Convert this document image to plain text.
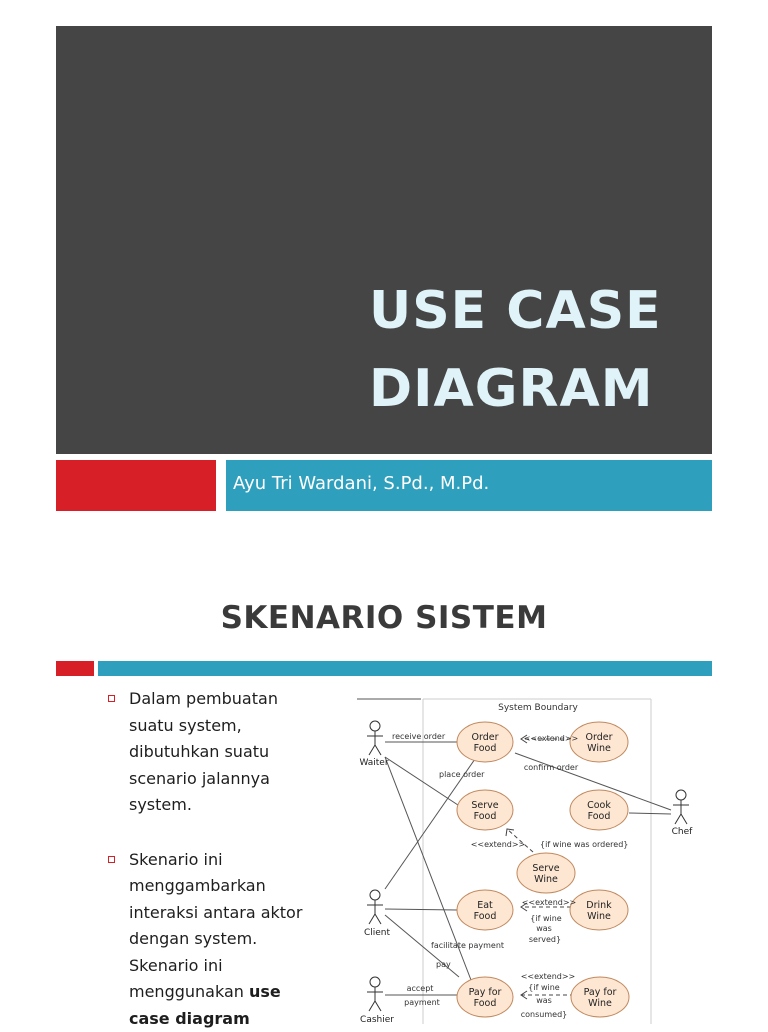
USE CASE
DIAGRAM
Ayu Tri Wardani, S.Pd., M.Pd.
SKENARIO SISTEM
Dalam pembuatan
suatu system,
dibutuhkan suatu
scenario jalannya
system.
Skenario ini
menggambarkan
interaksi antara aktor
dengan system.
Skenario ini
menggunakan use
case diagram
System Boundary
Waiter
Client
Cashier
Chef
Order
Food
Order
Wine
Serve
Food
Cook
Food
Serve
Wine
Eat
Food
Drink
Wine
Pay for
Food
Pay for
Wine
receive order
place order
<<extend>>
confirm order
<<extend>> {if wine was ordered}
<<extend>>
{if wine
was
served}
facilitate payment
pay
accept
payment
<<extend>>
{if wine
was
consumed}
